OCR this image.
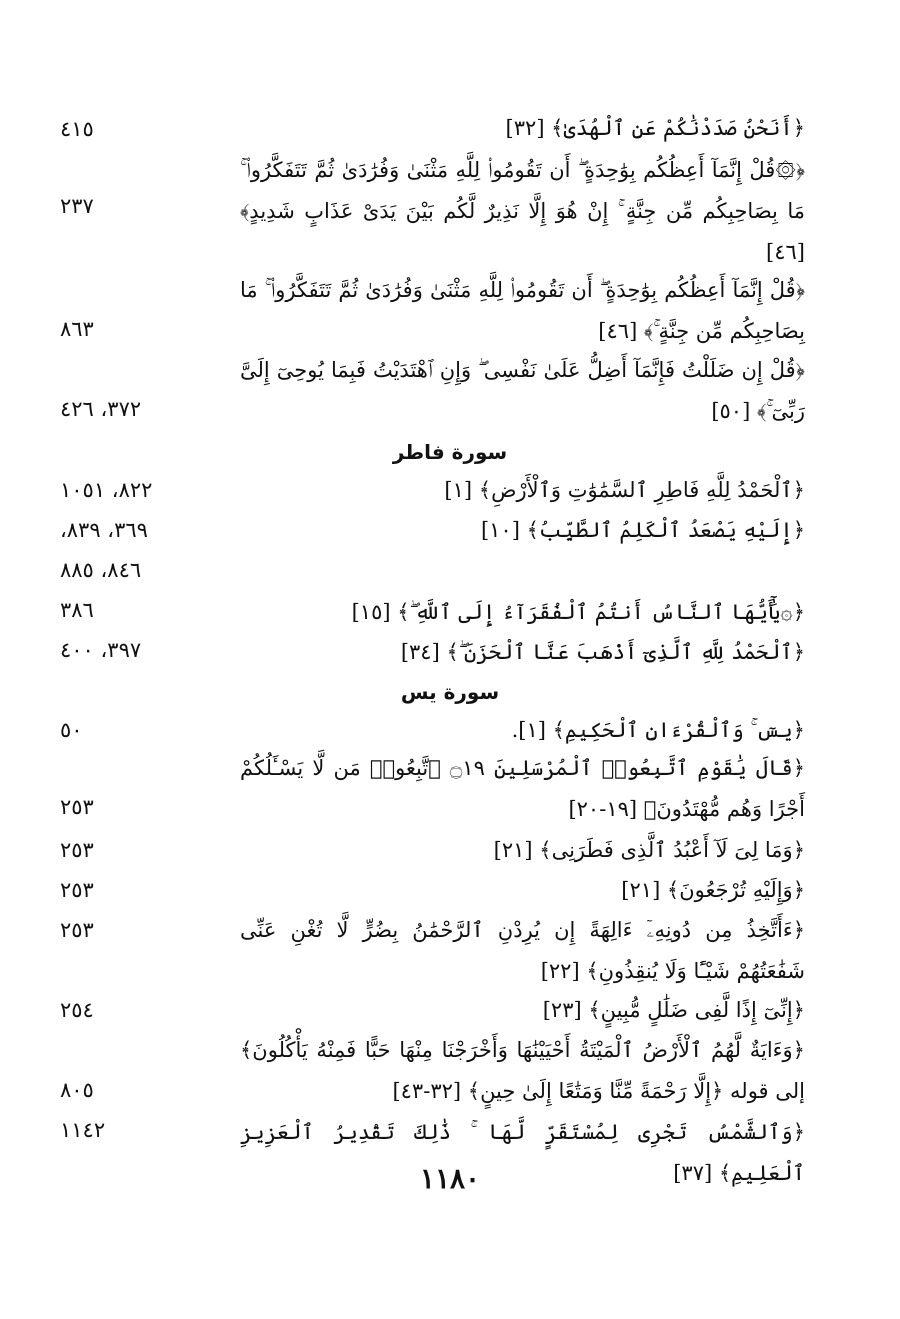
﴿أَنَحْنُ صَدَدْنَٰكُمْ عَنِ ٱلْهُدَىٰ﴾ [٣٢]
٤١٥
﴿۞قُلْ إِنَّمَآ أَعِظُكُم بِوَٰحِدَةٍ ۖ أَن تَقُومُوا۟ لِلَّهِ مَثْنَىٰ وَفُرَٰدَىٰ ثُمَّ تَتَفَكَّرُوا۟ ۚ مَا بِصَاحِبِكُم مِّن جِنَّةٍ ۚ إِنْ هُوَ إِلَّا نَذِيرٌ لَّكُم بَيْنَ يَدَىْ عَذَابٍ شَدِيدٍ﴾ [٤٦]
٢٣٧
﴿قُلْ إِنَّمَآ أَعِظُكُم بِوَٰحِدَةٍ ۖ أَن تَقُومُوا۟ لِلَّهِ مَثْنَىٰ وَفُرَٰدَىٰ ثُمَّ تَتَفَكَّرُوا۟ ۚ مَا بِصَاحِبِكُم مِّن جِنَّةٍ ۚ﴾ [٤٦]
٨٦٣
﴿قُلْ إِن ضَلَلْتُ فَإِنَّمَآ أَضِلُّ عَلَىٰ نَفْسِى ۖ وَإِنِ ٱهْتَدَيْتُ فَبِمَا يُوحِىٓ إِلَىَّ رَبِّىٓ ۚ﴾ [٥٠]
٣٧٢، ٤٢٦
سورة فاطر
﴿ٱلْحَمْدُ لِلَّهِ فَاطِرِ ٱلسَّمَٰوَٰتِ وَٱلْأَرْضِ﴾ [١]
٨٢٢، ١٠٥١
﴿إِلَيْهِ يَصْعَدُ ٱلْكَلِمُ ٱلطَّيِّبُ﴾ [١٠]
٣٦٩، ٨٣٩،
٨٤٦، ٨٨٥
﴿۞يَٰٓأَيُّهَا ٱلنَّاسُ أَنتُمُ ٱلْفُقَرَآءُ إِلَى ٱللَّهِ ۖ﴾ [١٥]
٣٨٦
﴿ٱلْحَمْدُ لِلَّهِ ٱلَّذِىٓ أَذْهَبَ عَنَّا ٱلْحَزَنَ ۖ﴾ [٣٤]
٣٩٧، ٤٠٠
سورة يس
﴿يسٓ ۚ وَٱلْقُرْءَانِ ٱلْحَكِيمِ﴾ [١].
٥٠
﴿قَالَ يَٰقَوْمِ ٱتَّبِعُوا۟ ٱلْمُرْسَلِينَ ۝١٩ ٱتَّبِعُوا۟ مَن لَّا يَسْـَٔلُكُمْ أَجْرًا وَهُم مُّهْتَدُونَ﴾ [١٩-٢٠]
٢٥٣
﴿وَمَا لِىَ لَآ أَعْبُدُ ٱلَّذِى فَطَرَنِى﴾ [٢١]
٢٥٣
﴿وَإِلَيْهِ تُرْجَعُونَ﴾ [٢١]
٢٥٣
﴿ءَأَتَّخِذُ مِن دُونِهِۦٓ ءَالِهَةً إِن يُرِدْنِ ٱلرَّحْمَٰنُ بِضُرٍّ لَّا تُغْنِ عَنِّى شَفَٰعَتُهُمْ شَيْـًٔا وَلَا يُنقِذُونِ﴾ [٢٢]
٢٥٣
﴿إِنِّىٓ إِذًا لَّفِى ضَلَٰلٍ مُّبِينٍ﴾ [٢٣]
٢٥٤
﴿وَءَايَةٌ لَّهُمُ ٱلْأَرْضُ ٱلْمَيْتَةُ أَحْيَيْنَٰهَا وَأَخْرَجْنَا مِنْهَا حَبًّا فَمِنْهُ يَأْكُلُونَ﴾ إلى قوله ﴿إِلَّا رَحْمَةً مِّنَّا وَمَتَٰعًا إِلَىٰ حِينٍ﴾ [٣٢-٤٣]
٨٠٥
﴿وَٱلشَّمْسُ تَجْرِى لِمُسْتَقَرٍّ لَّهَا ۚ ذَٰلِكَ تَقْدِيرُ ٱلْعَزِيزِ ٱلْعَلِيمِ﴾ [٣٧]
١١٤٢
١١٨٠
